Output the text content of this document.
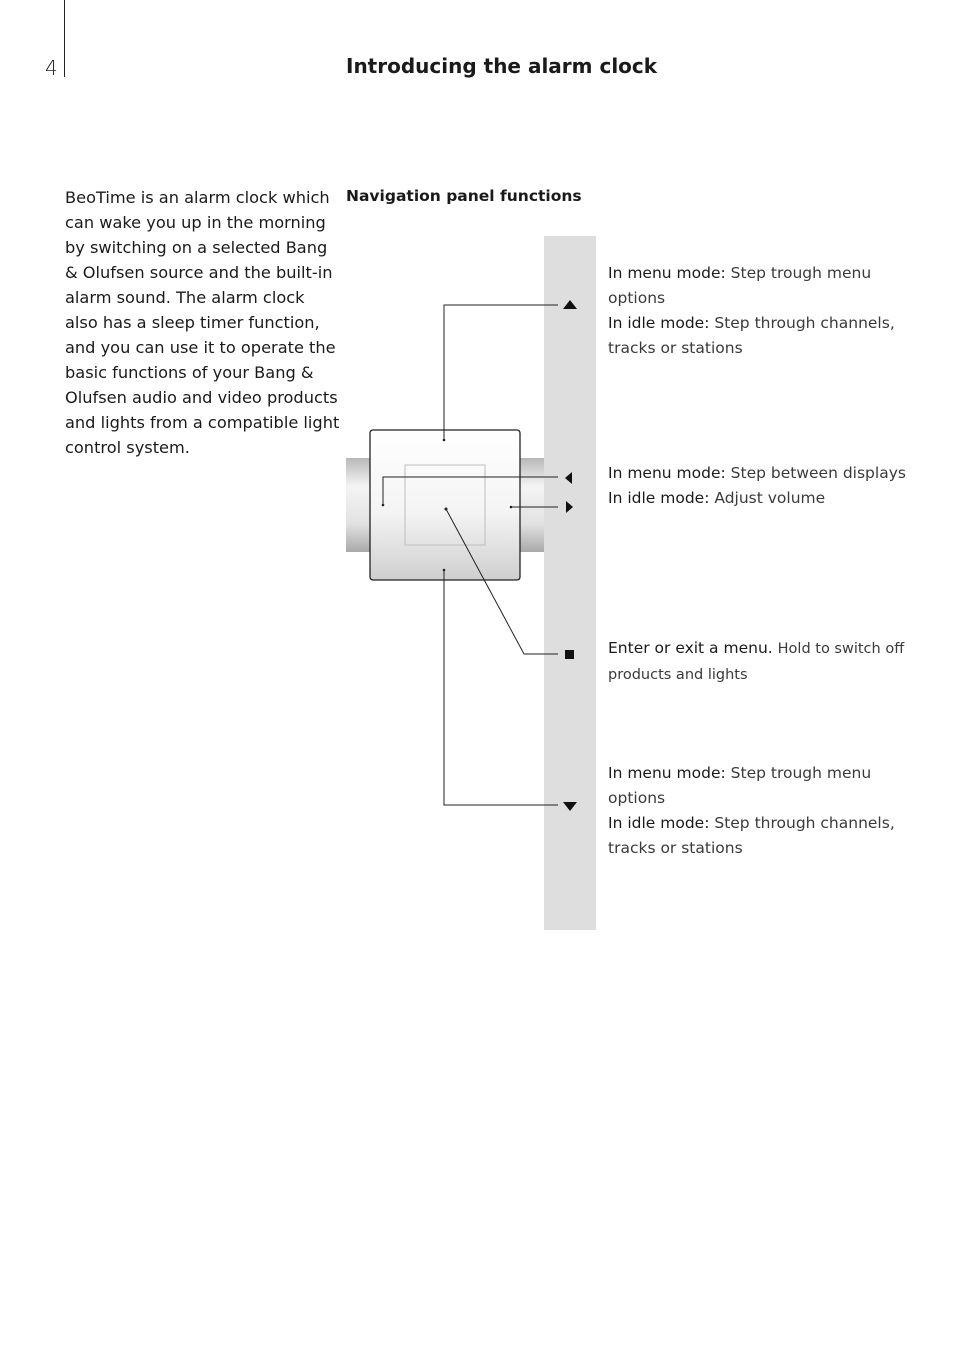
4	Introducing the alarm clock

BeoTime is an alarm clock which can wake you up in the morning by switching on a selected Bang & Olufsen source and the built-in alarm sound. The alarm clock also has a sleep timer function, and you can use it to operate the basic functions of your Bang & Olufsen audio and video products and lights from a compatible light control system.

Navigation panel functions
In menu mode: Step trough menu options
In idle mode: Step through channels, tracks or stations
In menu mode: Step between displays
In idle mode: Adjust volume
Enter or exit a menu. Hold to switch off products and lights
In menu mode: Step trough menu options
In idle mode: Step through channels, tracks or stations
